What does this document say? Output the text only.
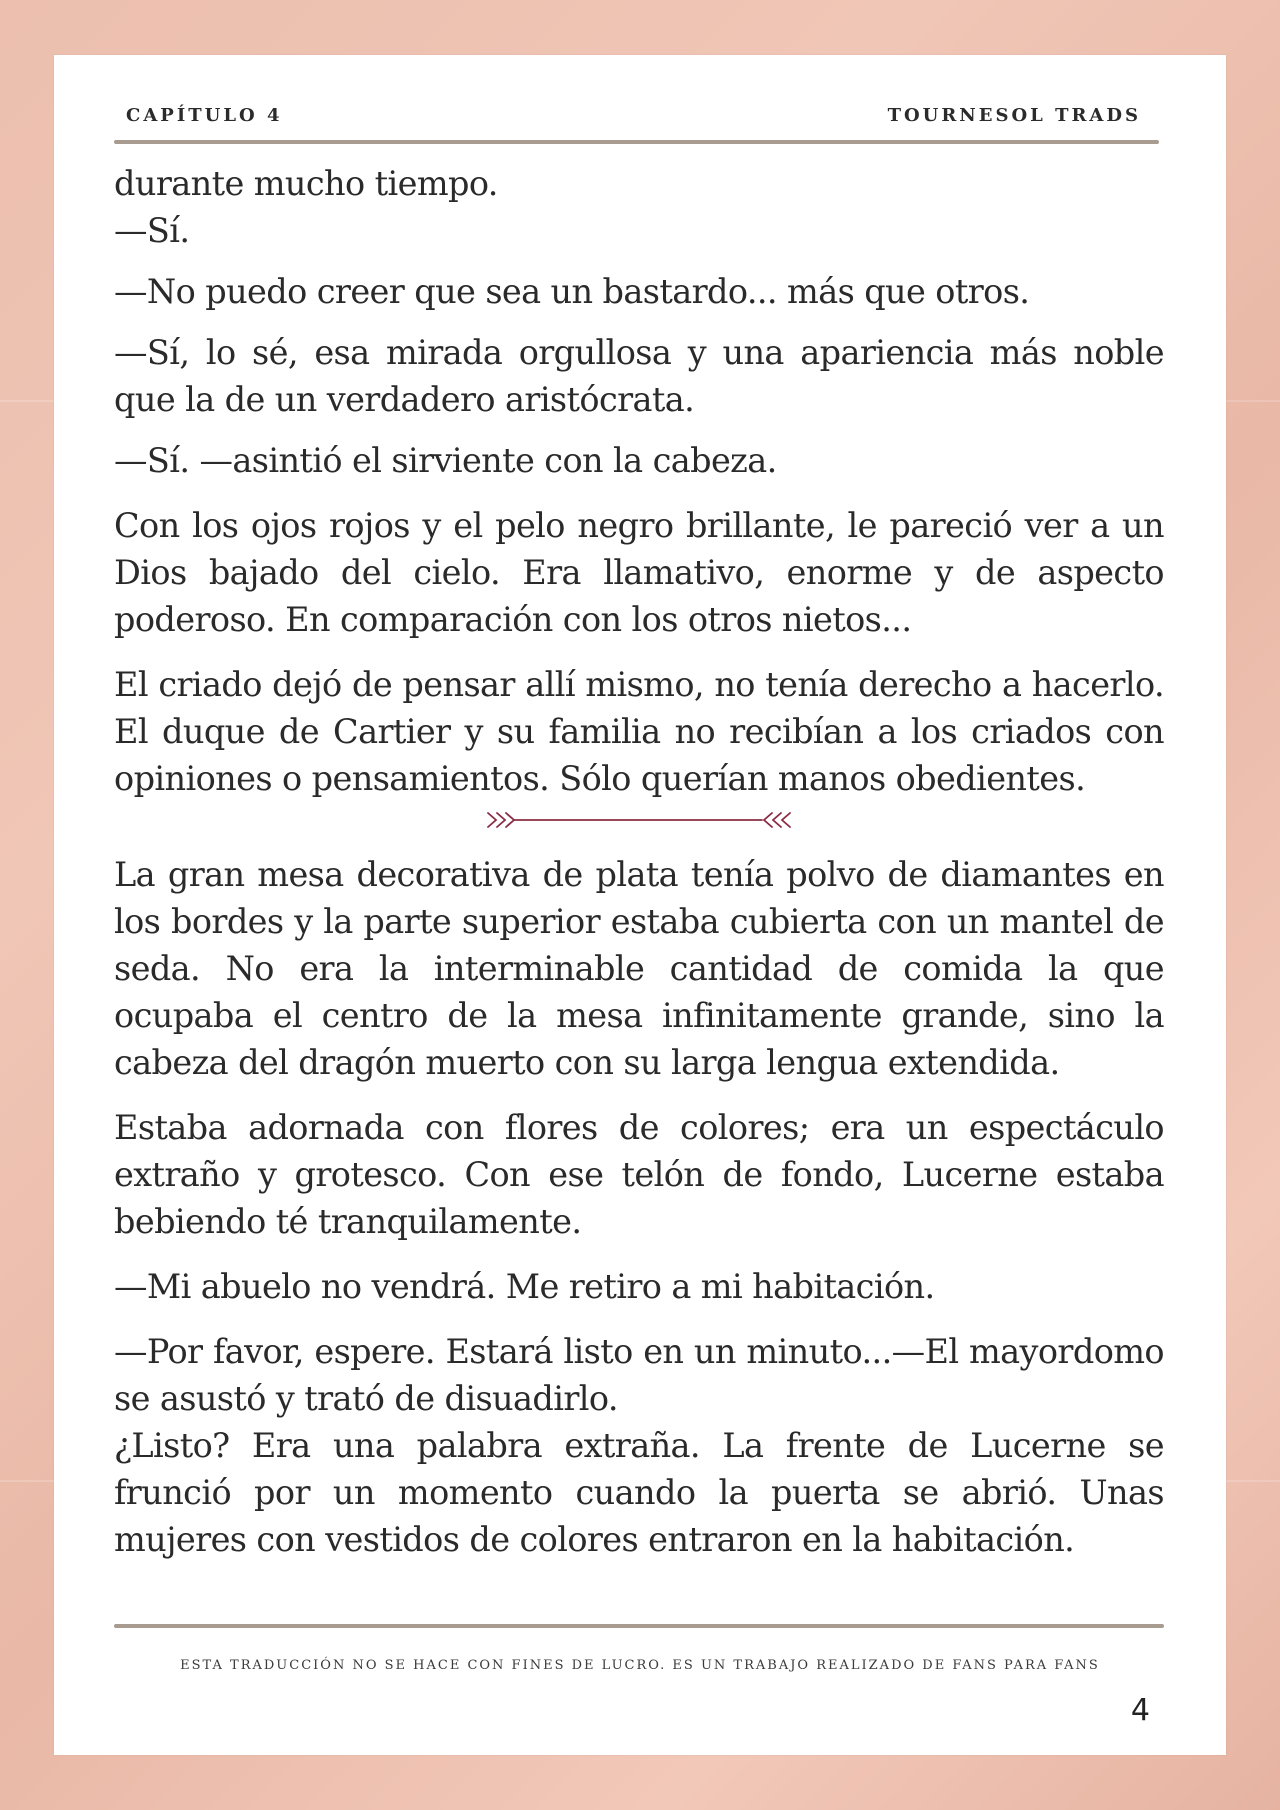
CAPÍTULO 4	TOURNESOL TRADS

durante mucho tiempo.

—Sí.

—No puedo creer que sea un bastardo... más que otros.

—Sí, lo sé, esa mirada orgullosa y una apariencia más noble que la de un verdadero aristócrata.

—Sí. —asintió el sirviente con la cabeza.

Con los ojos rojos y el pelo negro brillante, le pareció ver a un Dios bajado del cielo. Era llamativo, enorme y de aspecto poderoso. En comparación con los otros nietos...

El criado dejó de pensar allí mismo, no tenía derecho a hacerlo. El duque de Cartier y su familia no recibían a los criados con opiniones o pensamientos. Sólo querían manos obedientes.

La gran mesa decorativa de plata tenía polvo de diamantes en los bordes y la parte superior estaba cubierta con un mantel de seda. No era la interminable cantidad de comida la que ocupaba el centro de la mesa infinitamente grande, sino la cabeza del dragón muerto con su larga lengua extendida.

Estaba adornada con flores de colores; era un espectáculo extraño y grotesco. Con ese telón de fondo, Lucerne estaba bebiendo té tranquilamente.

—Mi abuelo no vendrá. Me retiro a mi habitación.

—Por favor, espere. Estará listo en un minuto...—El mayordomo se asustó y trató de disuadirlo.

¿Listo? Era una palabra extraña. La frente de Lucerne se frunció por un momento cuando la puerta se abrió. Unas mujeres con vestidos de colores entraron en la habitación.

ESTA TRADUCCIÓN NO SE HACE CON FINES DE LUCRO. ES UN TRABAJO REALIZADO DE FANS PARA FANS
4
